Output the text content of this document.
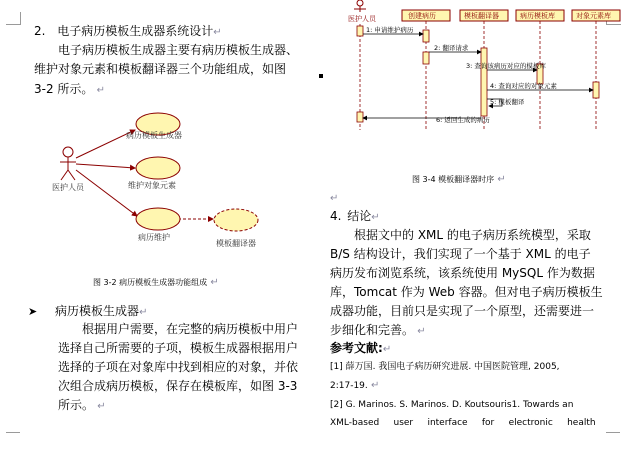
2. 电子病历模板生成器系统设计↵
电子病历模板生成器主要有病历模板生成器、
维护对象元素和模板翻译器三个功能组成，如图
3-2 所示。 ↵
医护人员
病历模板生成器
维护对象元素
病历维护
模板翻译器
图 3-2 病历模板生成器功能组成 ↵
➤ 病历模板生成器↵
根据用户需要，在完整的病历模板中用户
选择自己所需要的子项，模板生成器根据用户
选择的子项在对象库中找到相应的对象，并依
次组合成病历模板，保存在模板库，如图 3-3
所示。 ↵
医护人员	创建病历	模板翻译器	病历模板库	对象元素库
1: 申请维护病历
2: 翻译请求
3: 查询该病历对应的模板库
4: 查询对应的对象元素
5: 模板翻译
6: 返回生成的病历
图 3-4 模板翻译器时序 ↵
↵
4. 结论↵
根据文中的 XML 的电子病历系统模型，采取
B/S 结构设计，我们实现了一个基于 XML 的电子
病历发布浏览系统，该系统使用 MySQL 作为数据
库，Tomcat 作为 Web 容器。但对电子病历模板生
成器功能，目前只是实现了一个原型，还需要进一
步细化和完善。 ↵
参考文献:↵
[1] 薛万国. 我国电子病历研究进展. 中国医院管理, 2005,
2:17-19. ↵
[2] G. Marinos. S. Marinos. D. Koutsouris1. Towards an
XML-based     user     interface     for     electronic     health
